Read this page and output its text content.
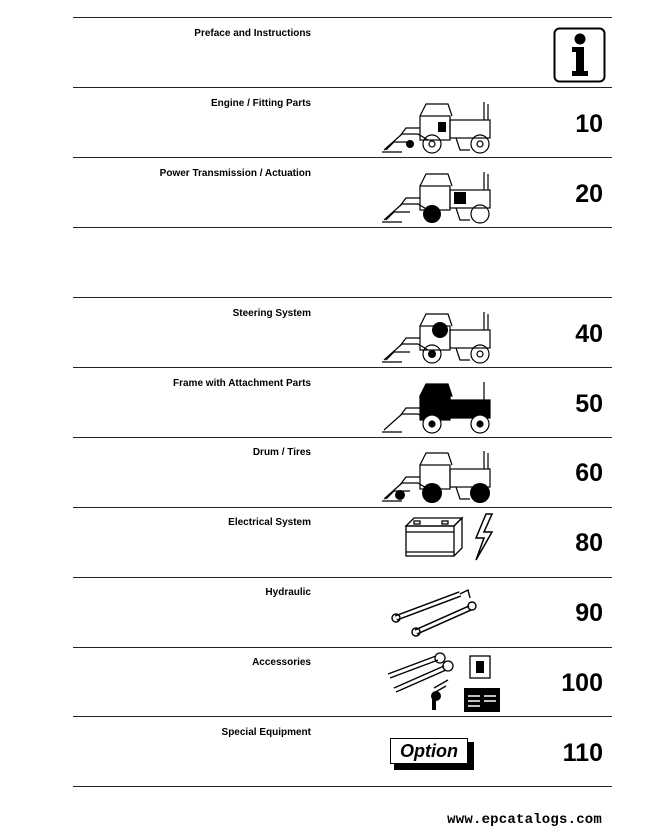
Preface and Instructions
Engine / Fitting Parts
10
Power Transmission / Actuation
20
Steering System
40
Frame with Attachment Parts
50
Drum / Tires
60
Electrical System
80
Hydraulic
90
Accessories
100
Special Equipment
Option	110
www.epcatalogs.com
